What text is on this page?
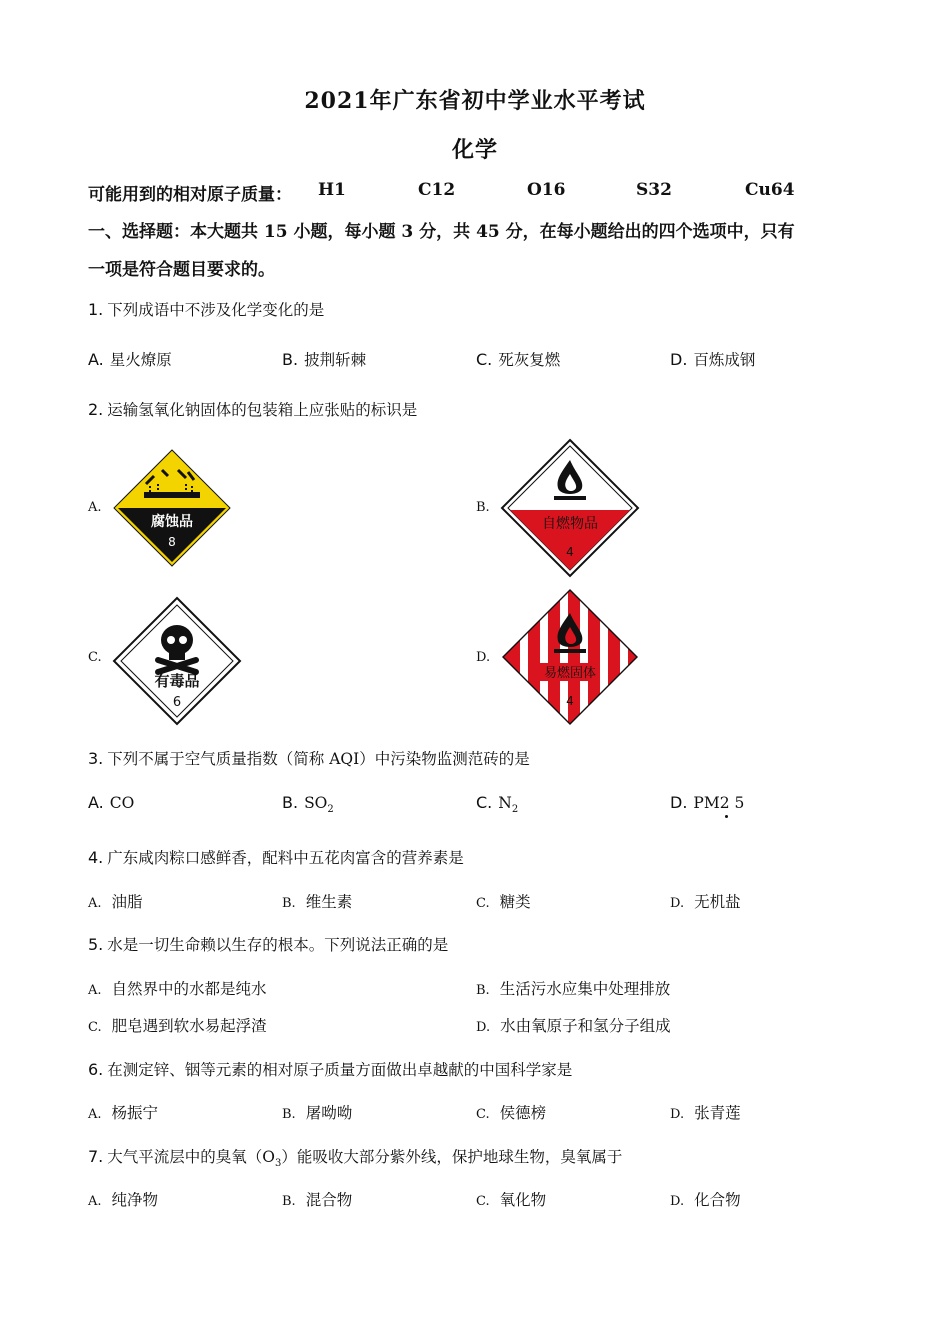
2021年广东省初中学业水平考试
化学
可能用到的相对原子质量： H1	C12	O16	S32	Cu64
一、选择题：本大题共 15 小题，每小题 3 分，共 45 分，在每小题给出的四个选项中，只有
一项是符合题目要求的。
1. 下列成语中不涉及化学变化的是
A. 星火燎原	B. 披荆斩棘	C. 死灰复燃	D. 百炼成钢
2. 运输氢氧化钠固体的包装箱上应张贴的标识是
A.
腐蚀品
8
B.
自燃物品
4
C.
有毒品
6
D.
易燃固体
4
3. 下列不属于空气质量指数（简称 AQI）中污染物监测范砖的是
A. CO	B. $SO_2$	C. $N_2$	D. PM2 5
4. 广东咸肉粽口感鲜香，配料中五花肉富含的营养素是
A. 油脂	B. 维生素	C. 糖类	D. 无机盐
5. 水是一切生命赖以生存的根本。下列说法正确的是
A. 自然界中的水都是纯水	B. 生活污水应集中处理排放
C. 肥皂遇到软水易起浮渣	D. 水由氧原子和氢分子组成
6. 在测定锌、铟等元素的相对原子质量方面做出卓越献的中国科学家是
A. 杨振宁	B. 屠呦呦	C. 侯德榜	D. 张青莲
7. 大气平流层中的臭氧$(O_3)$能吸收大部分紫外线，保护地球生物，臭氧属于
A. 纯净物	B. 混合物	C. 氧化物	D. 化合物
